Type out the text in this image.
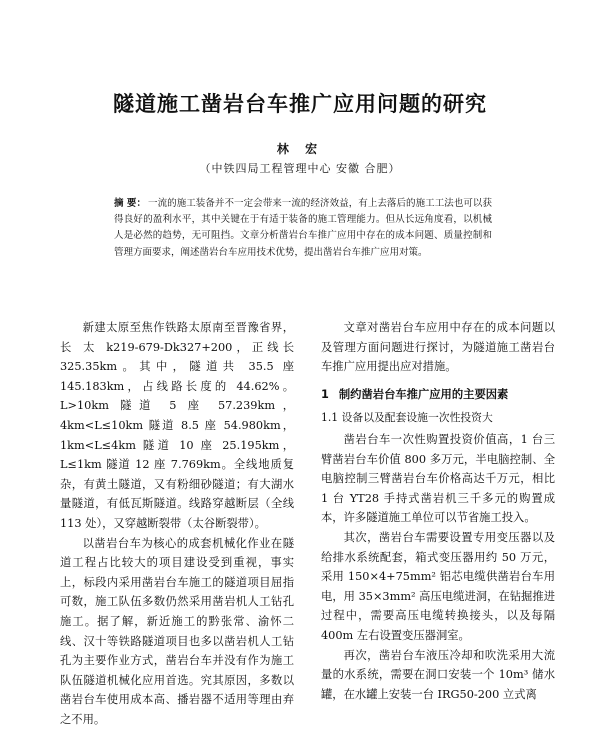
隧道施工凿岩台车推广应用问题的研究
林 宏
（中铁四局工程管理中心 安徽 合肥）

摘 要： 一流的施工装备并不一定会带来一流的经济效益，有上去落后的施工工法也可以获得良好的盈利水平，其中关键在于有适于装备的施工管理能力。但从长远角度看，以机械人是必然的趋势，无可阻挡。文章分析凿岩台车推广应用中存在的成本问题、质量控制和管理方面要求，阐述凿岩台车应用技术优势，提出凿岩台车推广应用对策。

新建太原至焦作铁路太原南至晋豫省界，长 太 k219-679-Dk327+200，正线长 325.35km。其中，隧道共 35.5 座 145.183km，占线路长度的 44.62%。L>10km 隧道 5 座 57.239km，4km<L≤10km 隧道 8.5 座 54.980km，1km<L≤4km 隧道 10 座 25.195km，L≤1km 隧道 12 座 7.769km。全线地质复杂，有黄土隧道，又有粉细砂隧道；有大湖水量隧道，有低瓦斯隧道。线路穿越断层（全线 113 处），又穿越断裂带（太谷断裂带）。

以凿岩台车为核心的成套机械化作业在隧道工程占比较大的项目建设受到重视，事实上，标段内采用凿岩台车施工的隧道项目屈指可数，施工队伍多数仍然采用凿岩机人工钻孔施工。据了解，新近施工的黔张常、渝怀二线、汉十等铁路隧道项目也多以凿岩机人工钻孔为主要作业方式，凿岩台车并没有作为施工队伍隧道机械化应用首选。究其原因，多数以凿岩台车使用成本高、播岩器不适用等理由弃之不用。

文章对凿岩台车应用中存在的成本问题以及管理方面问题进行探讨，为隧道施工凿岩台车推广应用提出应对措施。

1 制约凿岩台车推广应用的主要因素
1.1 设备以及配套设施一次性投资大

凿岩台车一次性购置投资价值高，1 台三臂凿岩台车价值 800 多万元，半电脑控制、全电脑控制三臂凿岩台车价格高达千万元，相比 1 台 YT28 手持式凿岩机三千多元的购置成本，许多隧道施工单位可以节省施工投入。

其次，凿岩台车需要设置专用变压器以及给排水系统配套，箱式变压器用约 50 万元，采用 150×4+75mm² 铝芯电缆供凿岩台车用电，用 35×3mm² 高压电缆进洞，在钻掘推进过程中，需要高压电缆转换接头，以及每隔 400m 左右设置变压器洞室。

再次，凿岩台车液压冷却和吹洗采用大流量的水系统，需要在洞口安装一个 10m³ 储水罐，在水罐上安装一台 IRG50-200 立式离
